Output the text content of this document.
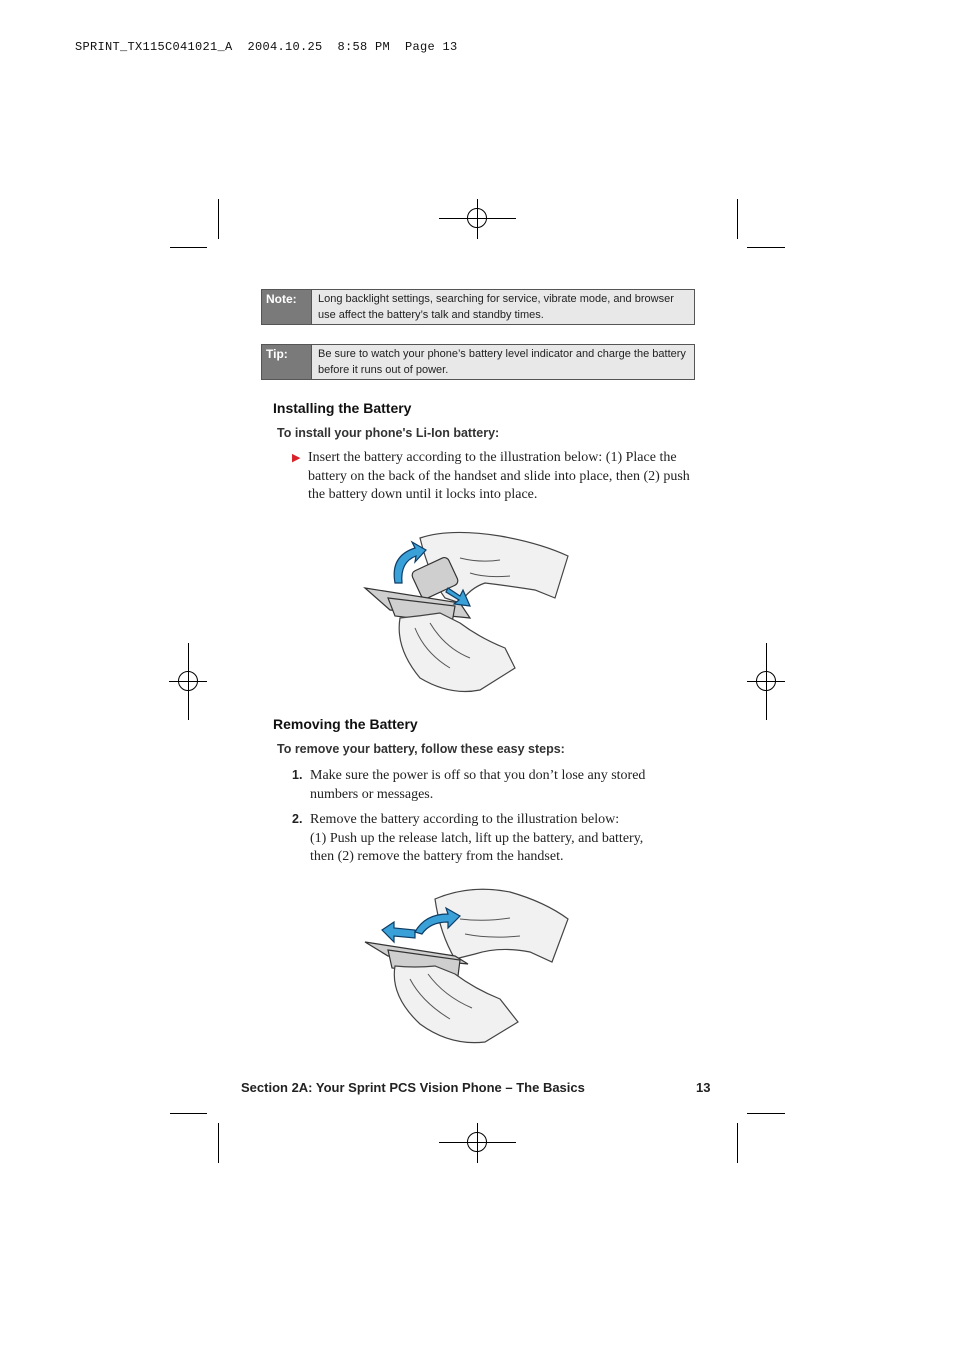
SPRINT_TX115C041021_A  2004.10.25  8:58 PM  Page 13
Note:	Long backlight settings, searching for service, vibrate mode, and browser use affect the battery’s talk and standby times.
Tip:	Be sure to watch your phone’s battery level indicator and charge the battery before it runs out of power.
Installing the Battery
To install your phone's Li-Ion battery:
▶ Insert the battery according to the illustration below: (1) Place the battery on the back of the handset and slide into place, then (2) push the battery down until it locks into place.
Removing the Battery
To remove your battery, follow these easy steps:
1. Make sure the power is off so that you don’t lose any stored
numbers or messages.
2. Remove the battery according to the illustration below:
(1) Push up the release latch, lift up the battery, and battery,
then (2) remove the battery from the handset.
Section 2A: Your Sprint PCS Vision Phone – The Basics	13
